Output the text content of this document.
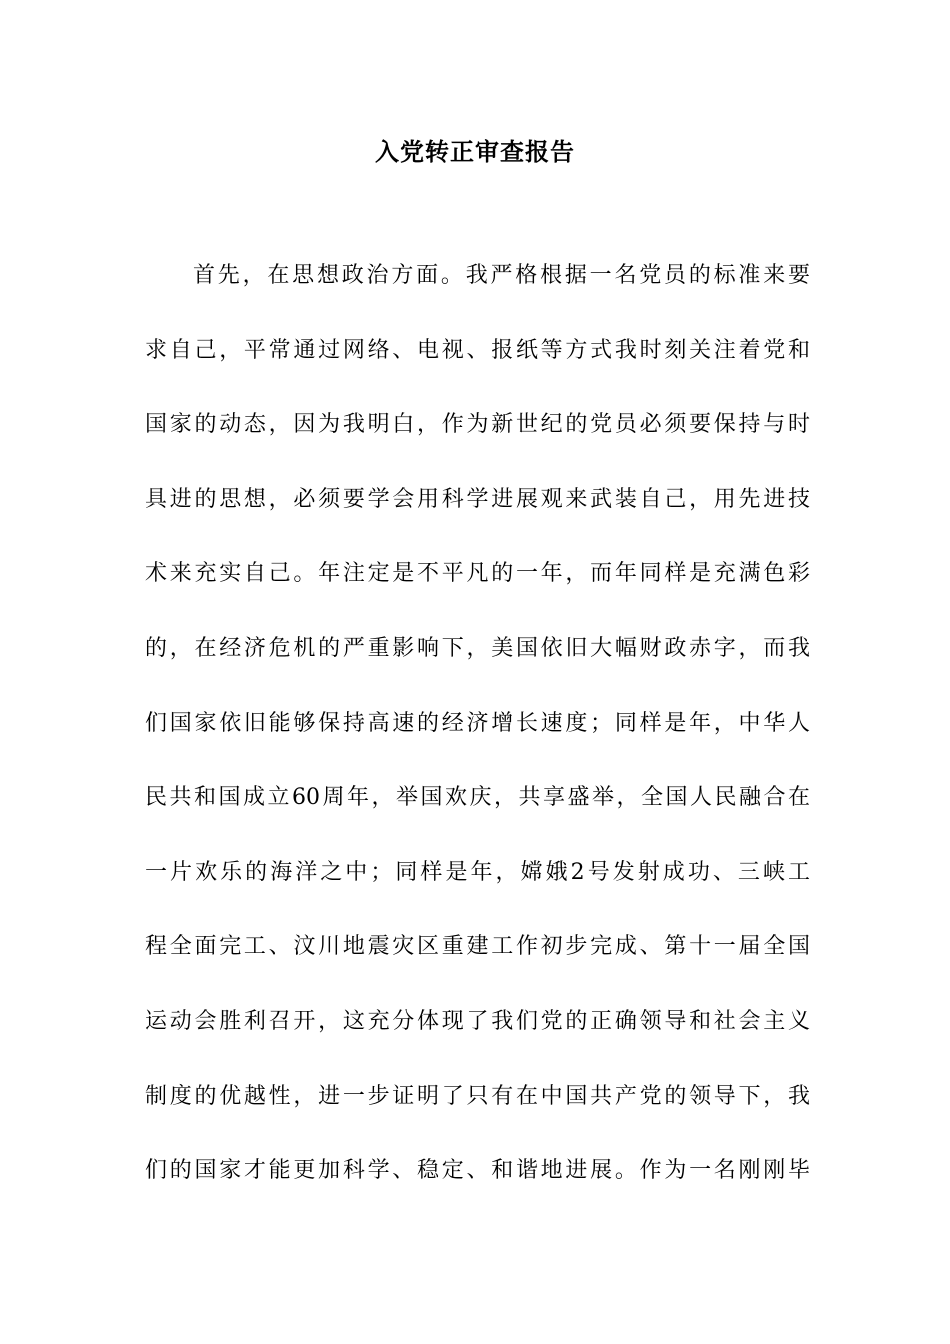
入党转正审查报告
首先，在思想政治方面。我严格根据一名党员的标准来要
求自己，平常通过网络、电视、报纸等方式我时刻关注着党和
国家的动态，因为我明白，作为新世纪的党员必须要保持与时
具进的思想，必须要学会用科学进展观来武装自己，用先进技
术来充实自己。年注定是不平凡的一年，而年同样是充满色彩
的，在经济危机的严重影响下，美国依旧大幅财政赤字，而我
们国家依旧能够保持高速的经济增长速度；同样是年，中华人
民共和国成立60周年，举国欢庆，共享盛举，全国人民融合在
一片欢乐的海洋之中；同样是年，嫦娥2号发射成功、三峡工
程全面完工、汶川地震灾区重建工作初步完成、第十一届全国
运动会胜利召开，这充分体现了我们党的正确领导和社会主义
制度的优越性，进一步证明了只有在中国共产党的领导下，我
们的国家才能更加科学、稳定、和谐地进展。作为一名刚刚毕
